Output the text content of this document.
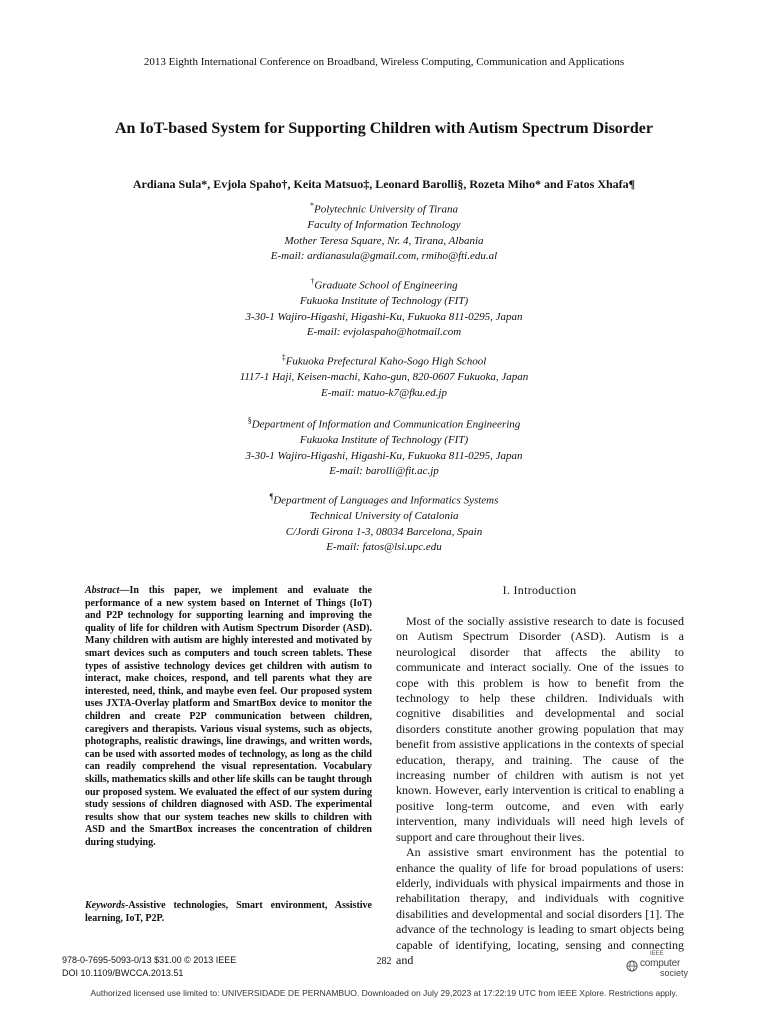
2013 Eighth International Conference on Broadband, Wireless Computing, Communication and Applications
An IoT-based System for Supporting Children with Autism Spectrum Disorder
Ardiana Sula*, Evjola Spaho†, Keita Matsuo‡, Leonard Barolli§, Rozeta Miho* and Fatos Xhafa¶
*Polytechnic University of Tirana
Faculty of Information Technology
Mother Teresa Square, Nr. 4, Tirana, Albania
E-mail: ardianasula@gmail.com, rmiho@fti.edu.al
†Graduate School of Engineering
Fukuoka Institute of Technology (FIT)
3-30-1 Wajiro-Higashi, Higashi-Ku, Fukuoka 811-0295, Japan
E-mail: evjolaspaho@hotmail.com
‡Fukuoka Prefectural Kaho-Sogo High School
1117-1 Haji, Keisen-machi, Kaho-gun, 820-0607 Fukuoka, Japan
E-mail: matuo-k7@fku.ed.jp
§Department of Information and Communication Engineering
Fukuoka Institute of Technology (FIT)
3-30-1 Wajiro-Higashi, Higashi-Ku, Fukuoka 811-0295, Japan
E-mail: barolli@fit.ac.jp
¶Department of Languages and Informatics Systems
Technical University of Catalonia
C/Jordi Girona 1-3, 08034 Barcelona, Spain
E-mail: fatos@lsi.upc.edu
Abstract—In this paper, we implement and evaluate the performance of a new system based on Internet of Things (IoT) and P2P technology for supporting learning and improving the quality of life for children with Autism Spectrum Disorder (ASD). Many children with autism are highly interested and motivated by smart devices such as computers and touch screen tablets. These types of assistive technology devices get children with autism to interact, make choices, respond, and tell parents what they are interested, need, think, and maybe even feel. Our proposed system uses JXTA-Overlay platform and SmartBox device to monitor the children and create P2P communication between children, caregivers and therapists. Various visual systems, such as objects, photographs, realistic drawings, line drawings, and written words, can be used with assorted modes of technology, as long as the child can readily comprehend the visual representation. Vocabulary skills, mathematics skills and other life skills can be taught through our proposed system. We evaluated the effect of our system during study sessions of children diagnosed with ASD. The experimental results show that our system teaches new skills to children with ASD and the SmartBox increases the concentration of children during studying.
Keywords-Assistive technologies, Smart environment, Assistive learning, IoT, P2P.
I. Introduction

Most of the socially assistive research to date is focused on Autism Spectrum Disorder (ASD). Autism is a neurological disorder that affects the ability to communicate and interact socially. One of the issues to cope with this problem is how to benefit from the technology to help these children. Individuals with cognitive disabilities and developmental and social disorders constitute another growing population that may benefit from assistive applications in the contexts of special education, therapy, and training. The cause of the increasing number of children with autism is not yet known. However, early intervention is critical to enabling a positive long-term outcome, and even with early intervention, many individuals will need high levels of support and care throughout their lives.

An assistive smart environment has the potential to enhance the quality of life for broad populations of users: elderly, individuals with physical impairments and those in rehabilitation therapy, and individuals with cognitive disabilities and developmental and social disorders [1]. The advance of the technology is leading to smart objects being capable of identifying, locating, sensing and connecting and

978-0-7695-5093-0/13 $31.00 © 2013 IEEE
DOI 10.1109/BWCCA.2013.51
282
IEEE
computer
society
Authorized licensed use limited to: UNIVERSIDADE DE PERNAMBUO. Downloaded on July 29,2023 at 17:22:19 UTC from IEEE Xplore. Restrictions apply.
